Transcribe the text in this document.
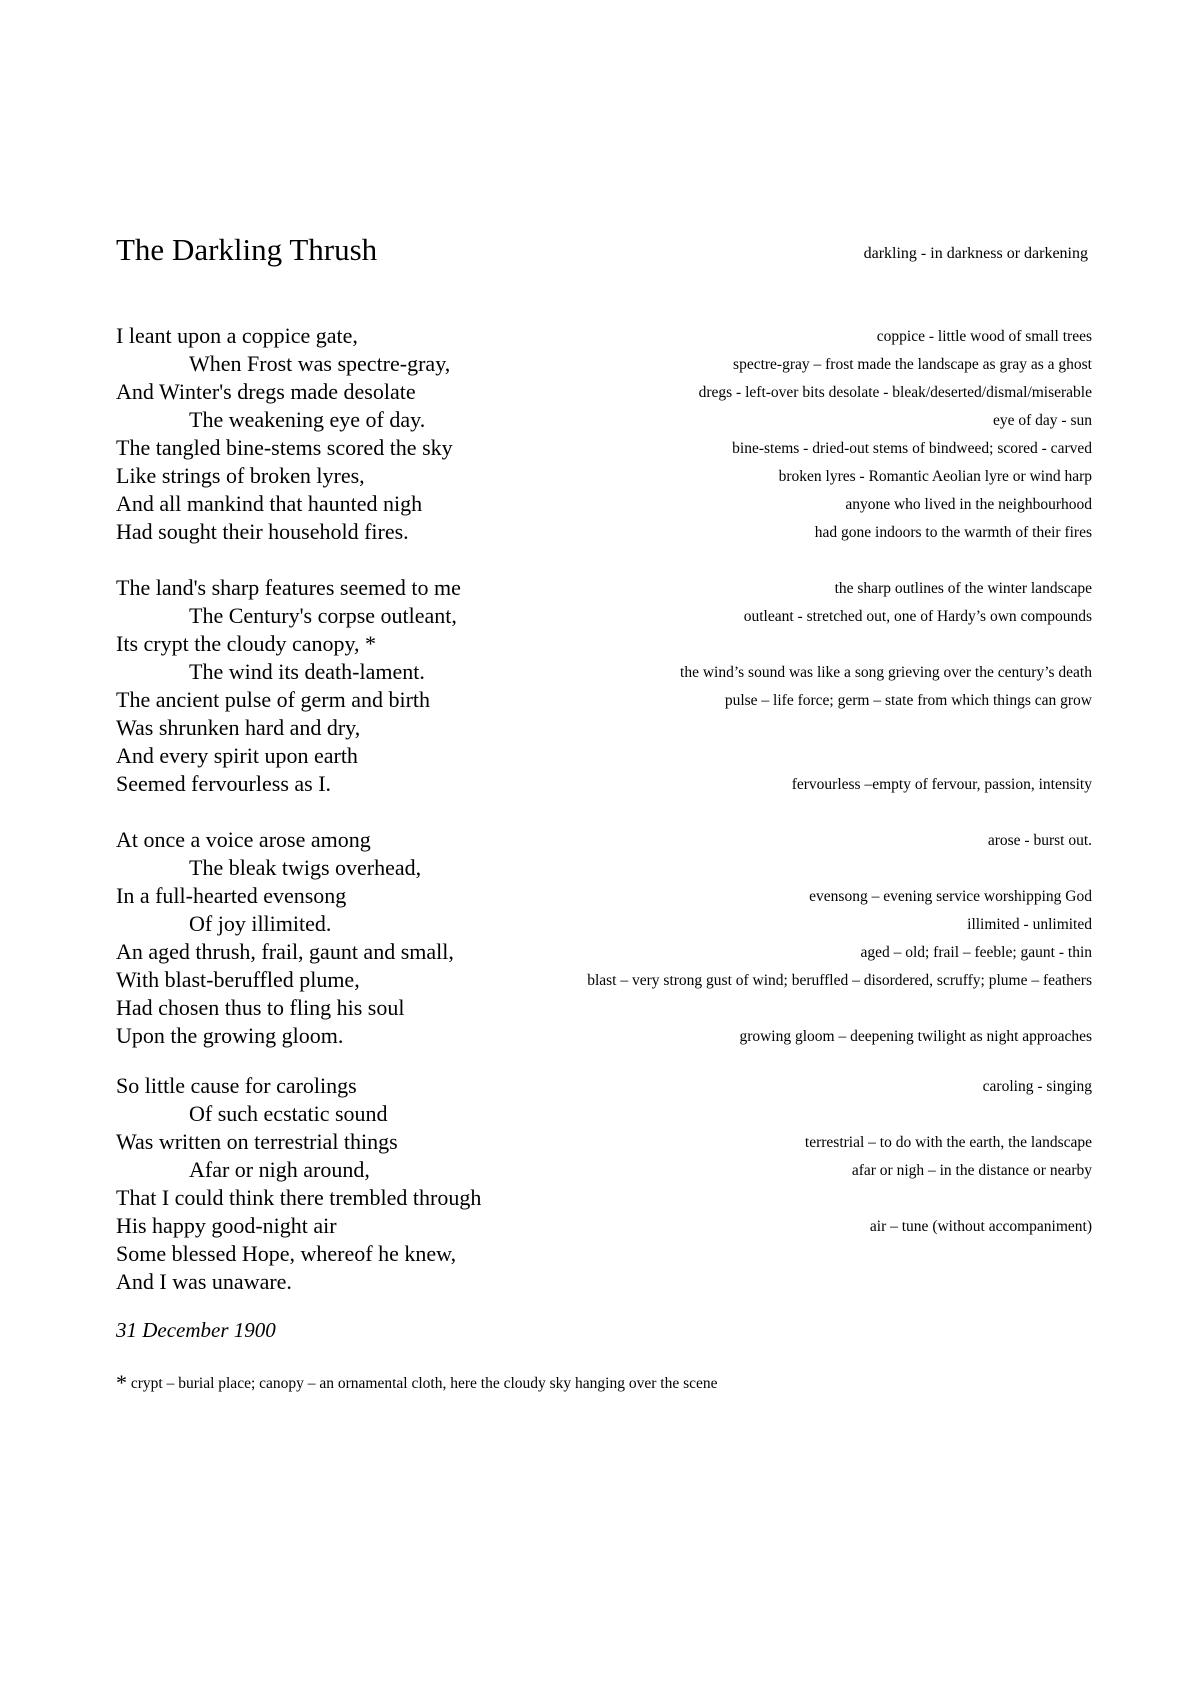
The Darkling Thrush	darkling - in darkness or darkening
I leant upon a coppice gate,	coppice - little wood of small trees
When Frost was spectre-gray,	spectre-gray – frost made the landscape as gray as a ghost
And Winter's dregs made desolate	dregs - left-over bits desolate - bleak/deserted/dismal/miserable
The weakening eye of day.	eye of day - sun
The tangled bine-stems scored the sky	bine-stems - dried-out stems of bindweed; scored - carved
Like strings of broken lyres,	broken lyres - Romantic Aeolian lyre or wind harp
And all mankind that haunted nigh	anyone who lived in the neighbourhood
Had sought their household fires.	had gone indoors to the warmth of their fires
The land's sharp features seemed to me	the sharp outlines of the winter landscape
The Century's corpse outleant,	outleant - stretched out, one of Hardy’s own compounds
Its crypt the cloudy canopy, *
The wind its death-lament.	the wind’s sound was like a song grieving over the century’s death
The ancient pulse of germ and birth	pulse – life force; germ – state from which things can grow
Was shrunken hard and dry,
And every spirit upon earth
Seemed fervourless as I.	fervourless –empty of fervour, passion, intensity
At once a voice arose among	arose - burst out.
The bleak twigs overhead,
In a full-hearted evensong	evensong – evening service worshipping God
Of joy illimited.	illimited - unlimited
An aged thrush, frail, gaunt and small,	aged – old; frail – feeble; gaunt - thin
With blast-beruffled plume,	blast – very strong gust of wind; beruffled – disordered, scruffy; plume – feathers
Had chosen thus to fling his soul
Upon the growing gloom.	growing gloom – deepening twilight as night approaches
So little cause for carolings	caroling - singing
Of such ecstatic sound
Was written on terrestrial things	terrestrial – to do with the earth, the landscape
Afar or nigh around,	afar or nigh – in the distance or nearby
That I could think there trembled through
His happy good-night air	air – tune (without accompaniment)
Some blessed Hope, whereof he knew,
And I was unaware.
31 December 1900
* crypt – burial place; canopy – an ornamental cloth, here the cloudy sky hanging over the scene
